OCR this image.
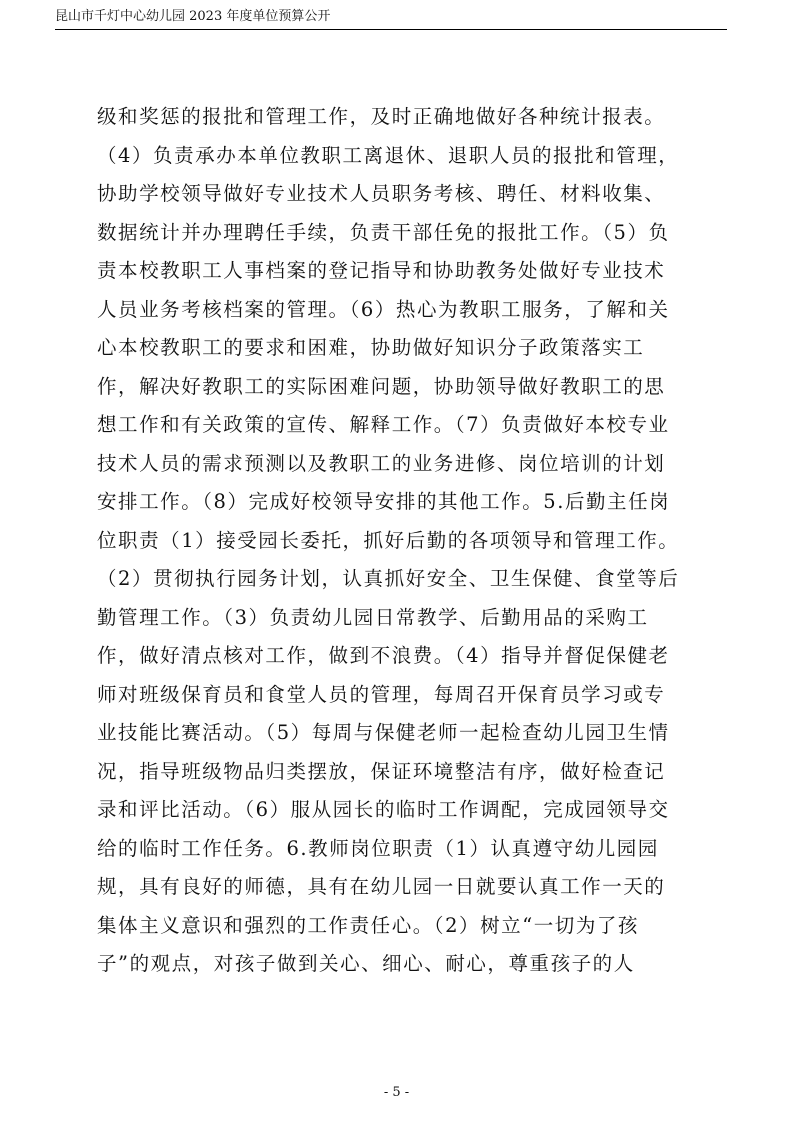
昆山市千灯中心幼儿园 2023 年度单位预算公开
级和奖惩的报批和管理工作，及时正确地做好各种统计报表。
（4）负责承办本单位教职工离退休、退职人员的报批和管理，
协助学校领导做好专业技术人员职务考核、聘任、材料收集、
数据统计并办理聘任手续，负责干部任免的报批工作。（5）负
责本校教职工人事档案的登记指导和协助教务处做好专业技术
人员业务考核档案的管理。（6）热心为教职工服务，了解和关
心本校教职工的要求和困难，协助做好知识分子政策落实工
作，解决好教职工的实际困难问题，协助领导做好教职工的思
想工作和有关政策的宣传、解释工作。（7）负责做好本校专业
技术人员的需求预测以及教职工的业务进修、岗位培训的计划
安排工作。（8）完成好校领导安排的其他工作。5.后勤主任岗
位职责（1）接受园长委托，抓好后勤的各项领导和管理工作。
（2）贯彻执行园务计划，认真抓好安全、卫生保健、食堂等后
勤管理工作。（3）负责幼儿园日常教学、后勤用品的采购工
作，做好清点核对工作，做到不浪费。（4）指导并督促保健老
师对班级保育员和食堂人员的管理，每周召开保育员学习或专
业技能比赛活动。（5）每周与保健老师一起检查幼儿园卫生情
况，指导班级物品归类摆放，保证环境整洁有序，做好检查记
录和评比活动。（6）服从园长的临时工作调配，完成园领导交
给的临时工作任务。6.教师岗位职责（1）认真遵守幼儿园园
规，具有良好的师德，具有在幼儿园一日就要认真工作一天的
集体主义意识和强烈的工作责任心。（2）树立“一切为了孩
子”的观点，对孩子做到关心、细心、耐心，尊重孩子的人
- 5 -
